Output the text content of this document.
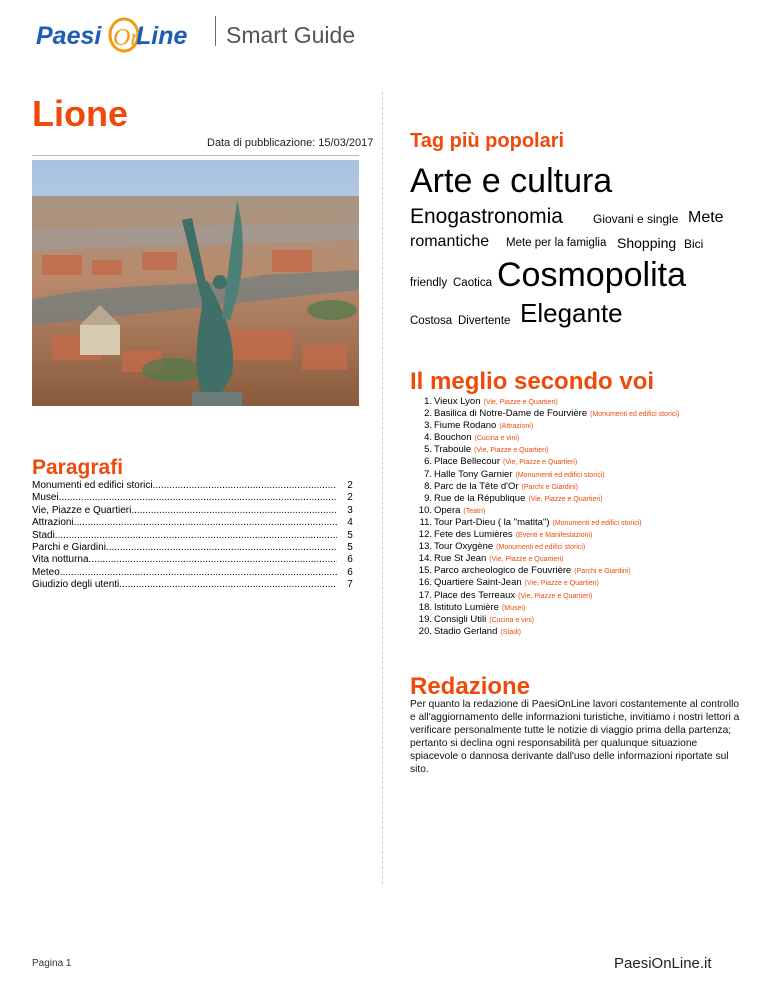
Paesi On
Line Smart Guide
Lione
Data di pubblicazione: 15/03/2017
Paragrafi
Monumenti ed edifici storici .....	2
Musei .....	2
Vie, Piazze e Quartieri .....	3
Attrazioni .....	4
Stadi .....	5
Parchi e Giardini .....	5
Vita notturna .....	6
Meteo .....	6
Giudizio degli utenti .....	7
Tag più popolari
Arte e cultura
Enogastronomia	Giovani e single Mete
romantiche Mete per la famiglia Shopping Bici
friendly Caotica Cosmopolita
Costosa Divertente Elegante
Il meglio secondo voi
1. Vieux Lyon (Vie, Piazze e Quartieri)
2. Basilica di Notre-Dame de Fourvière (Monumenti ed edifici storici)
3. Fiume Rodano (Attrazioni)
4. Bouchon (Cucina e vini)
5. Traboule (Vie, Piazze e Quartieri)
6. Place Bellecour (Vie, Piazze e Quartieri)
7. Halle Tony Garnier (Monumenti ed edifici storici)
8. Parc de la Tête d'Or (Parchi e Giardini)
9. Rue de la République (Vie, Piazze e Quartieri)
10. Opera (Teatri)
11. Tour Part-Dieu ( la "matita") (Monumenti ed edifici storici)
12. Fete des Lumières (Eventi e Manifestazioni)
13. Tour Oxygène (Monumenti ed edifici storici)
14. Rue St Jean (Vie, Piazze e Quartieri)
15. Parco archeologico de Fouvrière (Parchi e Giardini)
16. Quartiere Saint-Jean (Vie, Piazze e Quartieri)
17. Place des Terreaux (Vie, Piazze e Quartieri)
18. Istituto Lumière (Musei)
19. Consigli Utili (Cucina e vini)
20. Stadio Gerland (Stadi)
Redazione
Per quanto la redazione di PaesiOnLine lavori costantemente al controllo e all'aggiornamento delle informazioni turistiche, invitiamo i nostri lettori a verificare personalmente tutte le notizie di viaggio prima della partenza; pertanto si declina ogni responsabilità per qualunque situazione spiacevole o dannosa derivante dall'uso delle informazioni riportate sul sito.
Pagina 1	PaesiOnLine.it
